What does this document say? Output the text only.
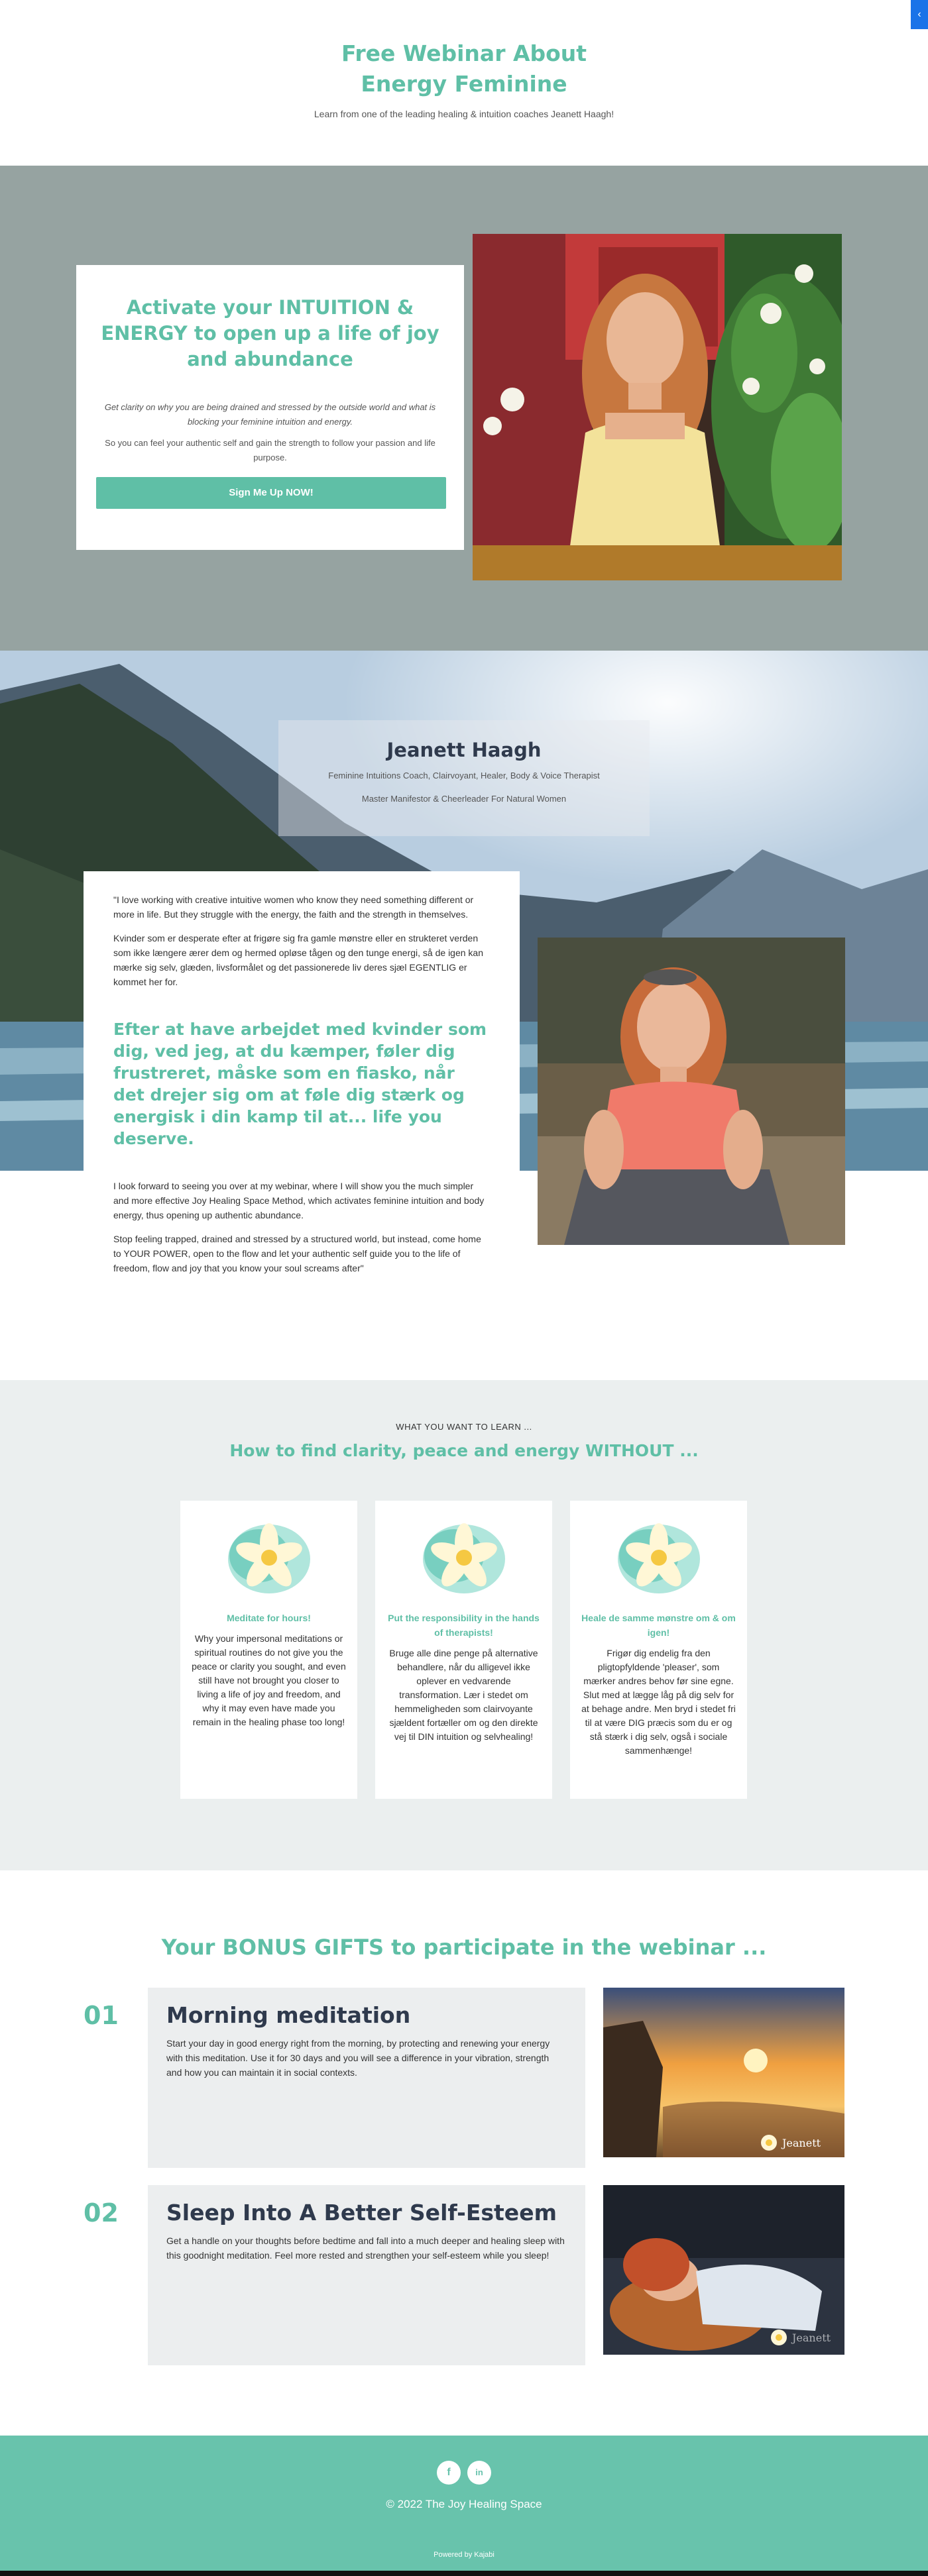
‹
Free Webinar About
Energy Feminine

Learn from one of the leading healing & intuition coaches Jeanett Haagh!

Activate your INTUITION & ENERGY to open up a life of joy and abundance

Get clarity on why you are being drained and stressed by the outside world and what is blocking your feminine intuition and energy.

So you can feel your authentic self and gain the strength to follow your passion and life purpose.

Sign Me Up NOW!
Jeanett Haagh

Feminine Intuitions Coach, Clairvoyant, Healer, Body & Voice Therapist

Master Manifestor & Cheerleader For Natural Women

"I love working with creative intuitive women who know they need something different or more in life. But they struggle with the energy, the faith and the strength in themselves.

Kvinder som er desperate efter at frigøre sig fra gamle mønstre eller en strukteret verden som ikke længere ærer dem og hermed opløse tågen og den tunge energi, så de igen kan mærke sig selv, glæden, livsformålet og det passionerede liv deres sjæl EGENTLIG er kommet her for.

Efter at have arbejdet med kvinder som dig, ved jeg, at du kæmper, føler dig frustreret, måske som en fiasko, når det drejer sig om at føle dig stærk og energisk i din kamp til at... life you deserve.

I look forward to seeing you over at my webinar, where I will show you the much simpler and more effective Joy Healing Space Method, which activates feminine intuition and body energy, thus opening up authentic abundance.

Stop feeling trapped, drained and stressed by a structured world, but instead, come home to YOUR POWER, open to the flow and let your authentic self guide you to the life of freedom, flow and joy that you know your soul screams after"

WHAT YOU WANT TO LEARN ...

How to find clarity, peace and energy WITHOUT ...
Meditate for hours!

Why your impersonal meditations or spiritual routines do not give you the peace or clarity you sought, and even still have not brought you closer to living a life of joy and freedom, and why it may even have made you remain in the healing phase too long!

Put the responsibility in the hands of therapists!

Bruge alle dine penge på alternative behandlere, når du alligevel ikke oplever en vedvarende transformation. Lær i stedet om hemmeligheden som clairvoyante sjældent fortæller om og den direkte vej til DIN intuition og selvhealing!

Heale de samme mønstre om & om igen!

Frigør dig endelig fra den pligtopfyldende 'pleaser', som mærker andres behov før sine egne. Slut med at lægge låg på dig selv for at behage andre. Men bryd i stedet fri til at være DIG præcis som du er og stå stærk i dig selv, også i sociale sammenhænge!

Your BONUS GIFTS to participate in the webinar ...
01 Morning meditation

Start your day in good energy right from the morning, by protecting and renewing your energy with this meditation. Use it for 30 days and you will see a difference in your vibration, strength and how you can maintain it in social contexts.

Jeanett
02 Sleep Into A Better Self-Esteem

Get a handle on your thoughts before bedtime and fall into a much deeper and healing sleep with this goodnight meditation. Feel more rested and strengthen your self-esteem while you sleep!

Jeanett
f	in

© 2022 The Joy Healing Space

Powered by Kajabi
